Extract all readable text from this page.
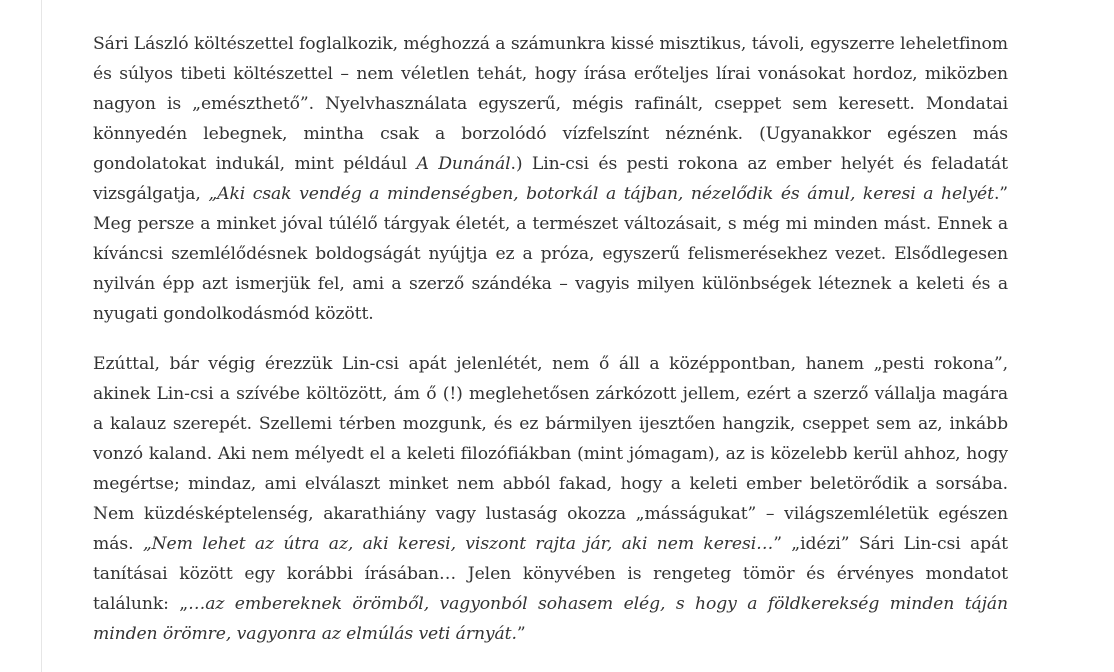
Sári László költészettel foglalkozik, méghozzá a számunkra kissé misztikus, távoli, egyszerre leheletfinom és súlyos tibeti költészettel – nem véletlen tehát, hogy írása erőteljes lírai vonásokat hordoz, miközben nagyon is „emészthető”. Nyelvhasználata egyszerű, mégis rafinált, cseppet sem keresett. Mondatai könnyedén lebegnek, mintha csak a borzolódó vízfelszínt néznénk. (Ugyanakkor egészen más gondolatokat indukál, mint például A Dunánál.) Lin-csi és pesti rokona az ember helyét és feladatát vizsgálgatja, „Aki csak vendég a mindenségben, botorkál a tájban, nézelődik és ámul, keresi a helyét.” Meg persze a minket jóval túlélő tárgyak életét, a természet változásait, s még mi minden mást. Ennek a kíváncsi szemlélődésnek boldogságát nyújtja ez a próza, egyszerű felismerésekhez vezet. Elsődlegesen nyilván épp azt ismerjük fel, ami a szerző szándéka – vagyis milyen különbségek léteznek a keleti és a nyugati gondolkodásmód között.

Ezúttal, bár végig érezzük Lin-csi apát jelenlétét, nem ő áll a középpontban, hanem „pesti rokona”, akinek Lin-csi a szívébe költözött, ám ő (!) meglehetősen zárkózott jellem, ezért a szerző vállalja magára a kalauz szerepét. Szellemi térben mozgunk, és ez bármilyen ijesztően hangzik, cseppet sem az, inkább vonzó kaland. Aki nem mélyedt el a keleti filozófiákban (mint jómagam), az is közelebb kerül ahhoz, hogy megértse; mindaz, ami elválaszt minket nem abból fakad, hogy a keleti ember beletörődik a sorsába. Nem küzdésképtelenség, akarathiány vagy lustaság okozza „másságukat” – világszemléletük egészen más. „Nem lehet az útra az, aki keresi, viszont rajta jár, aki nem keresi…” „idézi” Sári Lin-csi apát tanításai között egy korábbi írásában… Jelen könyvében is rengeteg tömör és érvényes mondatot találunk: „…az embereknek örömből, vagyonból sohasem elég, s hogy a földkerekség minden táján minden örömre, vagyonra az elmúlás veti árnyát.”
